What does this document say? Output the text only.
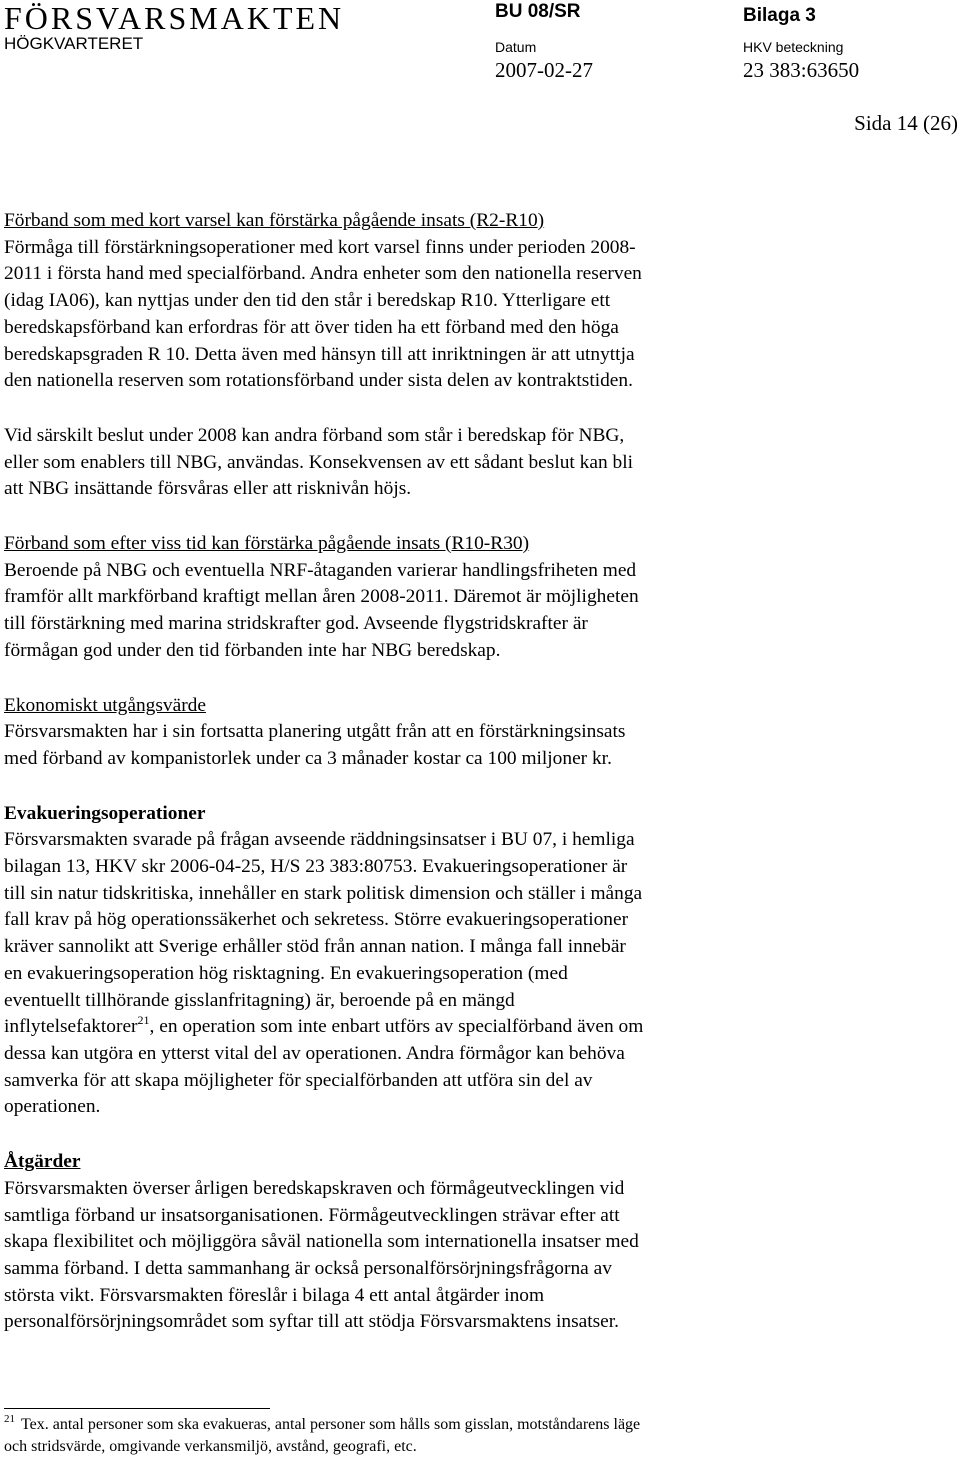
FÖRSVARSMAKTEN
HÖGKVARTERET
BU 08/SR	Bilaga 3
Datum	HKV beteckning
2007-02-27	23 383:63650
Sida 14 (26)
Förband som med kort varsel kan förstärka pågående insats (R2-R10)
Förmåga till förstärkningsoperationer med kort varsel finns under perioden 2008-
2011 i första hand med specialförband. Andra enheter som den nationella reserven
(idag IA06), kan nyttjas under den tid den står i beredskap R10. Ytterligare ett
beredskapsförband kan erfordras för att över tiden ha ett förband med den höga
beredskapsgraden R 10. Detta även med hänsyn till att inriktningen är att utnyttja
den nationella reserven som rotationsförband under sista delen av kontraktstiden.
Vid särskilt beslut under 2008 kan andra förband som står i beredskap för NBG,
eller som enablers till NBG, användas. Konsekvensen av ett sådant beslut kan bli
att NBG insättande försvåras eller att risknivån höjs.
Förband som efter viss tid kan förstärka pågående insats (R10-R30)
Beroende på NBG och eventuella NRF-åtaganden varierar handlingsfriheten med
framför allt markförband kraftigt mellan åren 2008-2011. Däremot är möjligheten
till förstärkning med marina stridskrafter god. Avseende flygstridskrafter är
förmågan god under den tid förbanden inte har NBG beredskap.
Ekonomiskt utgångsvärde
Försvarsmakten har i sin fortsatta planering utgått från att en förstärkningsinsats
med förband av kompanistorlek under ca 3 månader kostar ca 100 miljoner kr.
Evakueringsoperationer
Försvarsmakten svarade på frågan avseende räddningsinsatser i BU 07, i hemliga
bilagan 13, HKV skr 2006-04-25, H/S 23 383:80753. Evakueringsoperationer är
till sin natur tidskritiska, innehåller en stark politisk dimension och ställer i många
fall krav på hög operationssäkerhet och sekretess. Större evakueringsoperationer
kräver sannolikt att Sverige erhåller stöd från annan nation. I många fall innebär
en evakueringsoperation hög risktagning. En evakueringsoperation (med
eventuellt tillhörande gisslanfritagning) är, beroende på en mängd
inflytelsefaktorer$^{21}$, en operation som inte enbart utförs av specialförband även om
dessa kan utgöra en ytterst vital del av operationen. Andra förmågor kan behöva
samverka för att skapa möjligheter för specialförbanden att utföra sin del av
operationen.
Åtgärder
Försvarsmakten överser årligen beredskapskraven och förmågeutvecklingen vid
samtliga förband ur insatsorganisationen. Förmågeutvecklingen strävar efter att
skapa flexibilitet och möjliggöra såväl nationella som internationella insatser med
samma förband. I detta sammanhang är också personalförsörjningsfrågorna av
största vikt. Försvarsmakten föreslår i bilaga 4 ett antal åtgärder inom
personalförsörjningsområdet som syftar till att stödja Försvarsmaktens insatser.
$^{21}$ Tex. antal personer som ska evakueras, antal personer som hålls som gisslan, motståndarens läge
och stridsvärde, omgivande verkansmiljö, avstånd, geografi, etc.
